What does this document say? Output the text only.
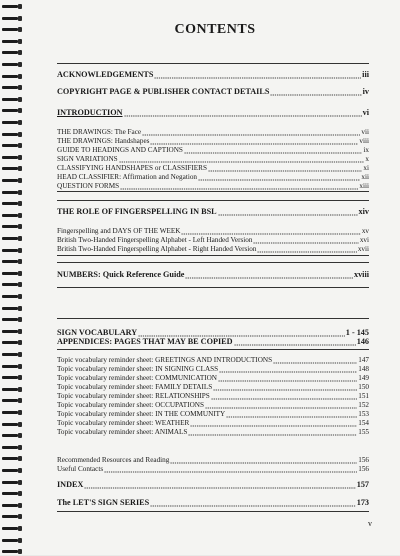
CONTENTS
ACKNOWLEDGEMENTS	iii
COPYRIGHT PAGE & PUBLISHER CONTACT DETAILS	iv
INTRODUCTION	vi
THE DRAWINGS: The Face	vii
THE DRAWINGS: Handshapes	viii
GUIDE TO HEADINGS AND CAPTIONS	ix
SIGN VARIATIONS	x
CLASSIFYING HANDSHAPES or CLASSIFIERS	xi
HEAD CLASSIFIER: Affirmation and Negation	xii
QUESTION FORMS	xiii
THE ROLE OF FINGERSPELLING IN BSL	xiv
Fingerspelling and DAYS OF THE WEEK	xv
British Two-Handed Fingerspelling Alphabet - Left Handed Version	xvi
British Two-Handed Fingerspelling Alphabet - Right Handed Version	xvii
NUMBERS: Quick Reference Guide	xviii
SIGN VOCABULARY	1 - 145
APPENDICES: PAGES THAT MAY BE COPIED	146
Topic vocabulary reminder sheet: GREETINGS AND INTRODUCTIONS	147
Topic vocabulary reminder sheet: IN SIGNING CLASS	148
Topic vocabulary reminder sheet: COMMUNICATION	149
Topic vocabulary reminder sheet: FAMILY DETAILS	150
Topic vocabulary reminder sheet: RELATIONSHIPS	151
Topic vocabulary reminder sheet: OCCUPATIONS	152
Topic vocabulary reminder sheet: IN THE COMMUNITY	153
Topic vocabulary reminder sheet: WEATHER	154
Topic vocabulary reminder sheet: ANIMALS	155
Recommended Resources and Reading	156
Useful Contacts	156
INDEX	157
The LET'S SIGN SERIES	173
v
